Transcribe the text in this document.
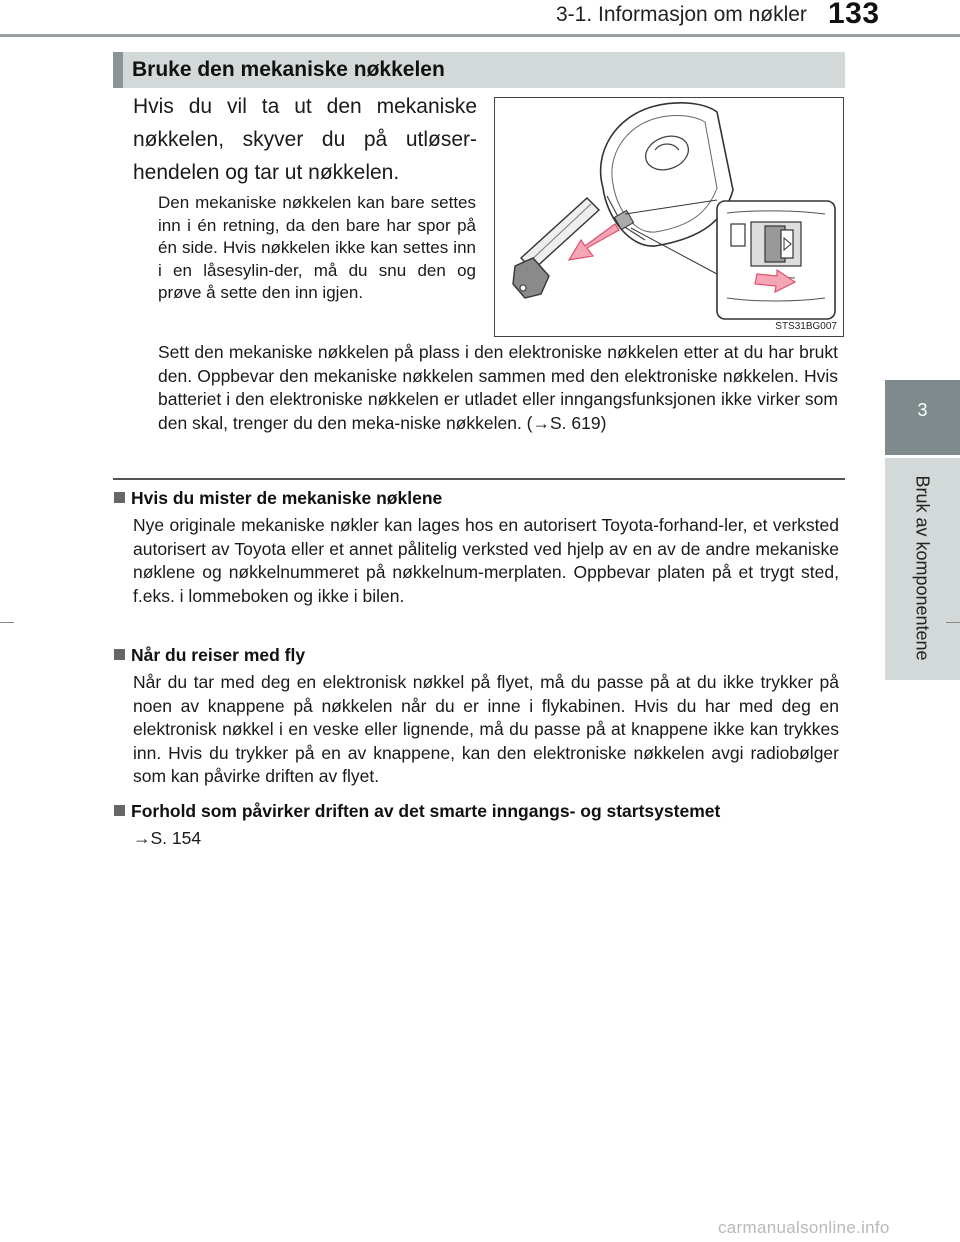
3-1. Informasjon om nøkler 133
3
Bruk av komponentene
Bruke den mekaniske nøkkelen
Hvis du vil ta ut den mekaniske nøkkelen, skyver du på utløser-hendelen og tar ut nøkkelen.
Den mekaniske nøkkelen kan bare settes inn i én retning, da den bare har spor på én side. Hvis nøkkelen ikke kan settes inn i en låsesylin-der, må du snu den og prøve å sette den inn igjen.
STS31BG007
Sett den mekaniske nøkkelen på plass i den elektroniske nøkkelen etter at du har brukt den. Oppbevar den mekaniske nøkkelen sammen med den elektroniske nøkkelen. Hvis batteriet i den elektroniske nøkkelen er utladet eller inngangsfunksjonen ikke virker som den skal, trenger du den meka-niske nøkkelen. (→S. 619)
Hvis du mister de mekaniske nøklene
Nye originale mekaniske nøkler kan lages hos en autorisert Toyota-forhand-ler, et verksted autorisert av Toyota eller et annet pålitelig verksted ved hjelp av en av de andre mekaniske nøklene og nøkkelnummeret på nøkkelnum-merplaten. Oppbevar platen på et trygt sted, f.eks. i lommeboken og ikke i bilen.
Når du reiser med fly
Når du tar med deg en elektronisk nøkkel på flyet, må du passe på at du ikke trykker på noen av knappene på nøkkelen når du er inne i flykabinen. Hvis du har med deg en elektronisk nøkkel i en veske eller lignende, må du passe på at knappene ikke kan trykkes inn. Hvis du trykker på en av knappene, kan den elektroniske nøkkelen avgi radiobølger som kan påvirke driften av flyet.
Forhold som påvirker driften av det smarte inngangs- og startsystemet
→S. 154
carmanualsonline.info
